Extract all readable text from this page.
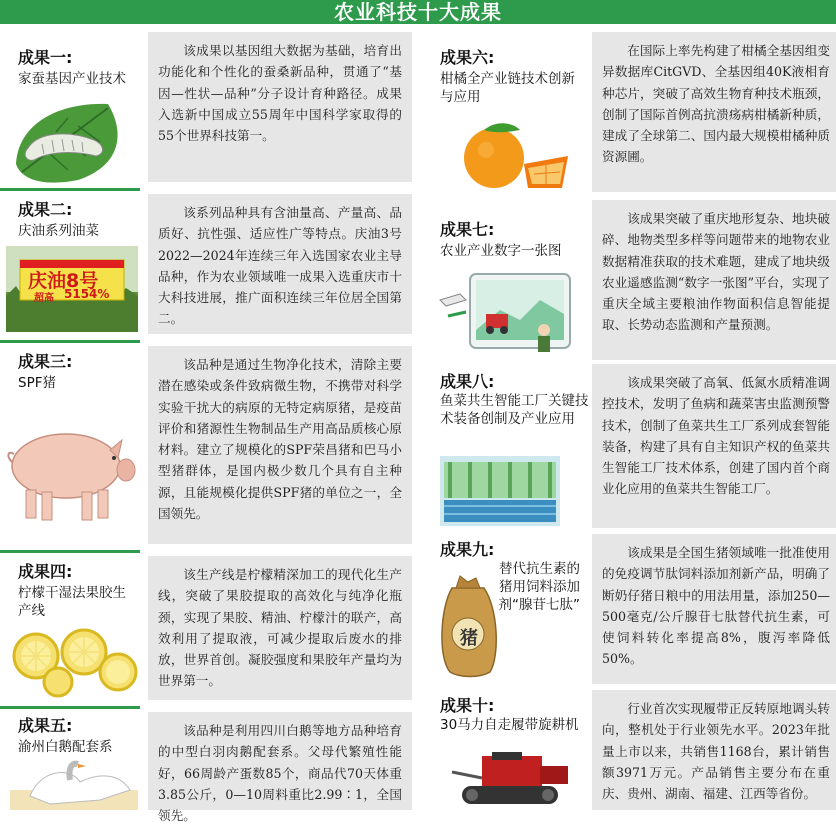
农业科技十大成果
成果一:
家蚕基因产业技术

该成果以基因组大数据为基础，培育出功能化和个性化的蚕桑新品种，贯通了“基因—性状—品种”分子设计育种路径。成果入选新中国成立55周年中国科学家取得的55个世界科技第一。

成果二:
庆油系列油菜
庆油8号
超高 5154%

该系列品种具有含油量高、产量高、品质好、抗性强、适应性广等特点。庆油3号2022—2024年连续三年入选国家农业主导品种，作为农业领域唯一成果入选重庆市十大科技进展，推广面积连续三年位居全国第二。

成果三:
SPF猪

该品种是通过生物净化技术，清除主要潜在感染或条件致病微生物，不携带对科学实验干扰大的病原的无特定病原猪，是疫苗评价和猪源性生物制品生产用高品质核心原材料。建立了规模化的SPF荣昌猪和巴马小型猪群体，是国内极少数几个具有自主种源，且能规模化提供SPF猪的单位之一，全国领先。

成果四:
柠檬干湿法果胶生产线

该生产线是柠檬精深加工的现代化生产线，突破了果胶提取的高效化与纯净化瓶颈，实现了果胶、精油、柠檬汁的联产，高效利用了提取液，可减少提取后废水的排放，世界首创。凝胶强度和果胶年产量均为世界第一。

成果五:
渝州白鹅配套系

该品种是利用四川白鹅等地方品种培育的中型白羽肉鹅配套系。父母代繁殖性能好，66周龄产蛋数85个，商品代70天体重3.85公斤，0—10周料重比2.99∶1，全国领先。

成果六:
柑橘全产业链技术创新与应用

在国际上率先构建了柑橘全基因组变异数据库CitGVD、全基因组40K液相育种芯片，突破了高效生物育种技术瓶颈，创制了国际首例高抗溃疡病柑橘新种质，建成了全球第二、国内最大规模柑橘种质资源圃。

成果七:
农业产业数字一张图

该成果突破了重庆地形复杂、地块破碎、地物类型多样等问题带来的地物农业数据精准获取的技术难题，建成了地块级农业遥感监测“数字一张图”平台，实现了重庆全域主要粮油作物面积信息智能提取、长势动态监测和产量预测。

成果八:
鱼菜共生智能工厂关键技术装备创制及产业应用

该成果突破了高氧、低氮水质精准调控技术，发明了鱼病和蔬菜害虫监测预警技术，创制了鱼菜共生工厂系列成套智能装备，构建了具有自主知识产权的鱼菜共生智能工厂技术体系，创建了国内首个商业化应用的鱼菜共生智能工厂。

成果九:
替代抗生素的猪用饲料添加剂“腺苷七肽”
猪

该成果是全国生猪领域唯一批准使用的免疫调节肽饲料添加剂新产品，明确了断奶仔猪日粮中的用法用量，添加250—500毫克/公斤腺苷七肽替代抗生素，可使饲料转化率提高8%，腹泻率降低50%。

成果十:
30马力自走履带旋耕机

行业首次实现履带正反转原地调头转向，整机处于行业领先水平。2023年批量上市以来，共销售1168台，累计销售额3971万元。产品销售主要分布在重庆、贵州、湖南、福建、江西等省份。
